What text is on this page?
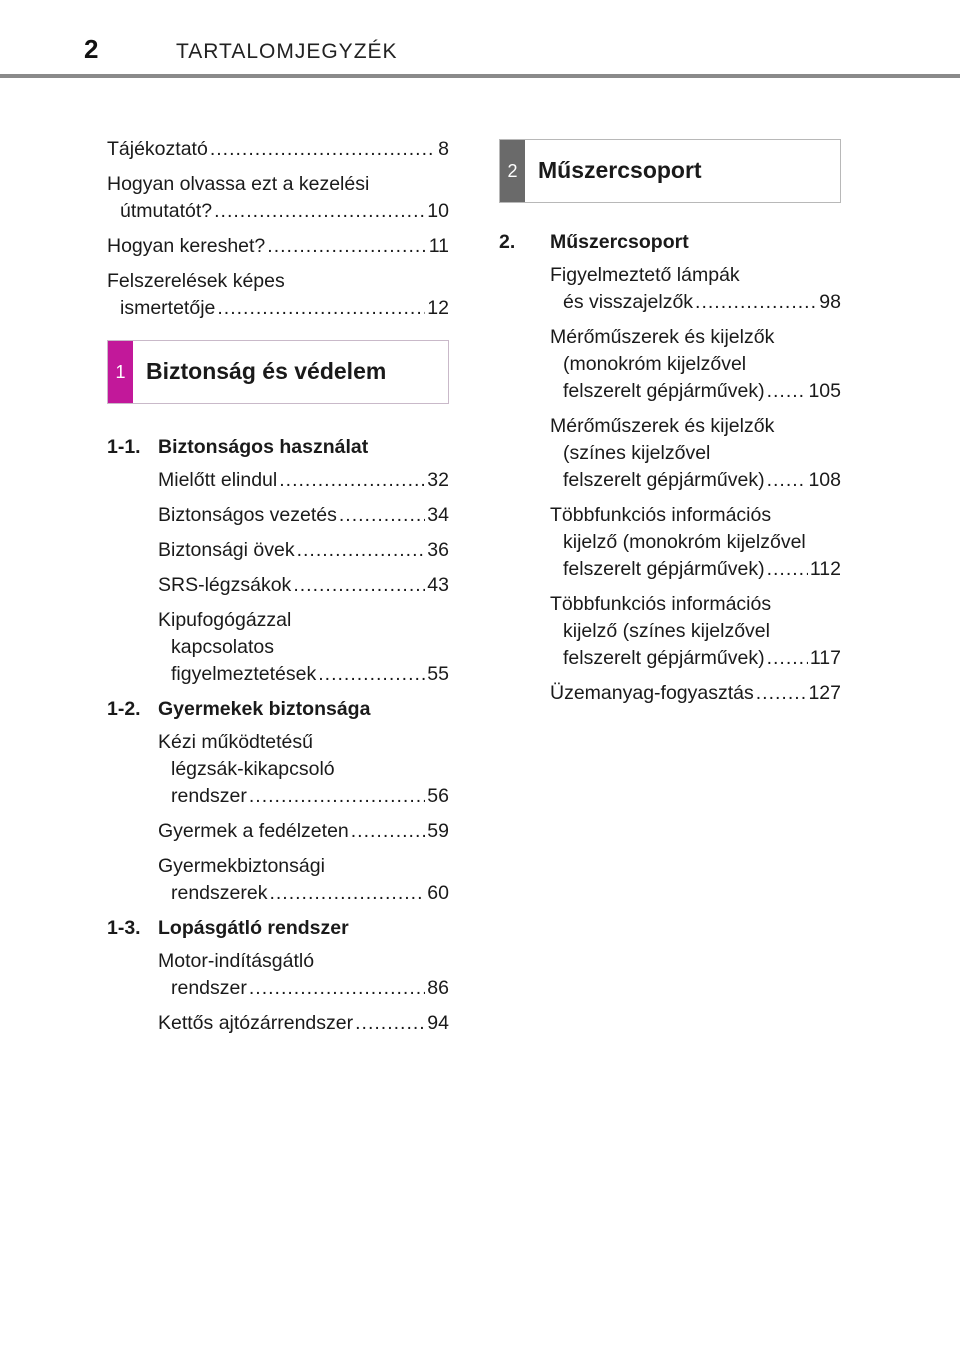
2	TARTALOMJEGYZÉK
Tájékoztató .....	8
Hogyan olvassa ezt a kezelési
útmutatót? .....	10
Hogyan kereshet? .....	11
Felszerelések képes
ismertetője .....	12
1 Biztonság és védelem
1-1. Biztonságos használat
Mielőtt elindul .....	32
Biztonságos vezetés .....	34
Biztonsági övek .....	36
SRS-légzsákok .....	43
Kipufogógázzal
kapcsolatos
figyelmeztetések .....	55
1-2. Gyermekek biztonsága
Kézi működtetésű
légzsák-kikapcsoló
rendszer .....	56
Gyermek a fedélzeten .....	59
Gyermekbiztonsági
rendszerek .....	60
1-3. Lopásgátló rendszer
Motor-indításgátló
rendszer .....	86
Kettős ajtózárrendszer .....	94
2 Műszercsoport
2.	Műszercsoport
Figyelmeztető lámpák
és visszajelzők .....	98
Mérőműszerek és kijelzők
(monokróm kijelzővel
felszerelt gépjárművek) ..... 105
Mérőműszerek és kijelzők
(színes kijelzővel
felszerelt gépjárművek) ..... 108
Többfunkciós információs
kijelző (monokróm kijelzővel
felszerelt gépjárművek) ..... 112
Többfunkciós információs
kijelző (színes kijelzővel
felszerelt gépjárművek) ..... 117
Üzemanyag-fogyasztás .....	127
